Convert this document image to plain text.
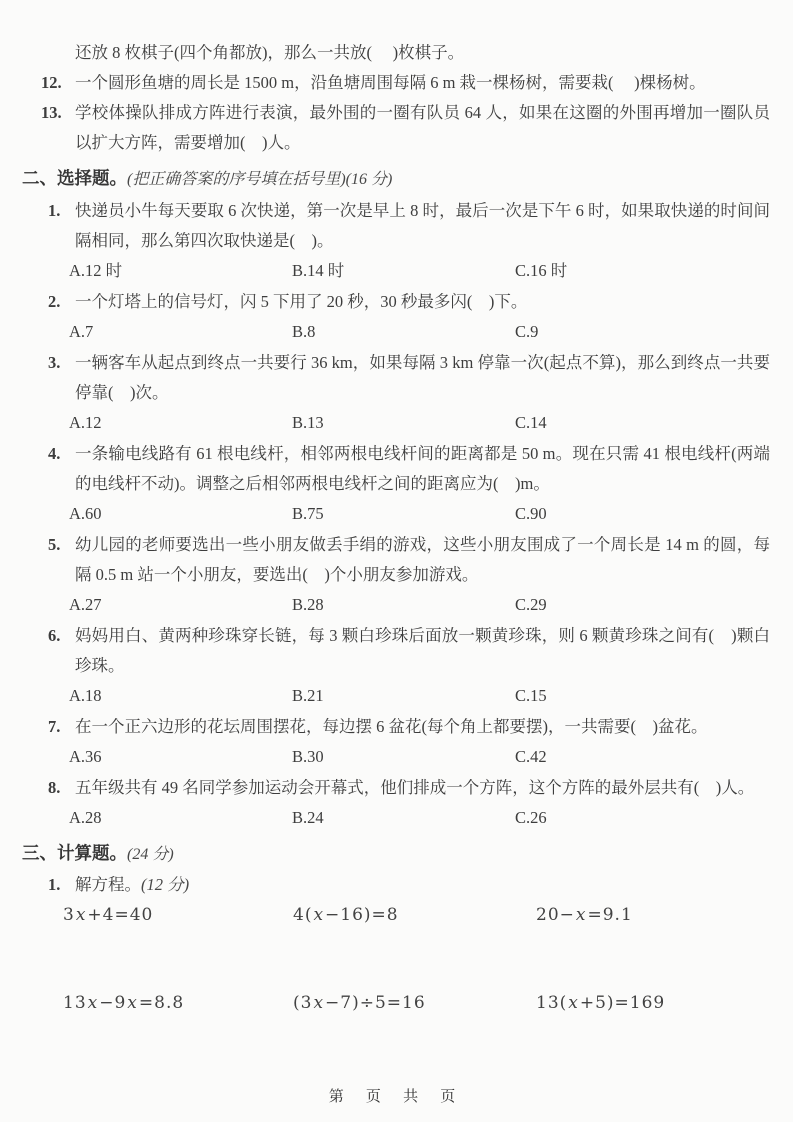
还放 8 枚棋子(四个角都放)，那么一共放(     )枚棋子。
12. 一个圆形鱼塘的周长是 1500 m，沿鱼塘周围每隔 6 m 栽一棵杨树，需要栽(     )棵杨树。
13. 学校体操队排成方阵进行表演，最外围的一圈有队员 64 人，如果在这圈的外围再增加一圈队员以扩大方阵，需要增加(    )人。
二、选择题。(把正确答案的序号填在括号里)(16 分)
1. 快递员小牛每天要取 6 次快递，第一次是早上 8 时，最后一次是下午 6 时，如果取快递的时间间隔相同，那么第四次取快递是(    )。
A.12 时	B.14 时	C.16 时
2. 一个灯塔上的信号灯，闪 5 下用了 20 秒，30 秒最多闪(    )下。
A.7	B.8	C.9
3. 一辆客车从起点到终点一共要行 36 km，如果每隔 3 km 停靠一次(起点不算)，那么到终点一共要停靠(    )次。
A.12	B.13	C.14
4. 一条输电线路有 61 根电线杆，相邻两根电线杆间的距离都是 50 m。现在只需 41 根电线杆(两端的电线杆不动)。调整之后相邻两根电线杆之间的距离应为(    )m。
A.60	B.75	C.90
5. 幼儿园的老师要选出一些小朋友做丢手绢的游戏，这些小朋友围成了一个周长是 14 m 的圆，每隔 0.5 m 站一个小朋友，要选出(    )个小朋友参加游戏。
A.27	B.28	C.29
6. 妈妈用白、黄两种珍珠穿长链，每 3 颗白珍珠后面放一颗黄珍珠，则 6 颗黄珍珠之间有(    )颗白珍珠。
A.18	B.21	C.15
7. 在一个正六边形的花坛周围摆花，每边摆 6 盆花(每个角上都要摆)，一共需要(    )盆花。
A.36	B.30	C.42
8. 五年级共有 49 名同学参加运动会开幕式，他们排成一个方阵，这个方阵的最外层共有(    )人。
A.28	B.24	C.26
三、计算题。(24 分)
1. 解方程。(12 分)
3x+4=40	4(x−16)=8	20−x=9.1
13x−9x=8.8	(3x−7)÷5=16	13(x+5)=169
第 页 共 页
